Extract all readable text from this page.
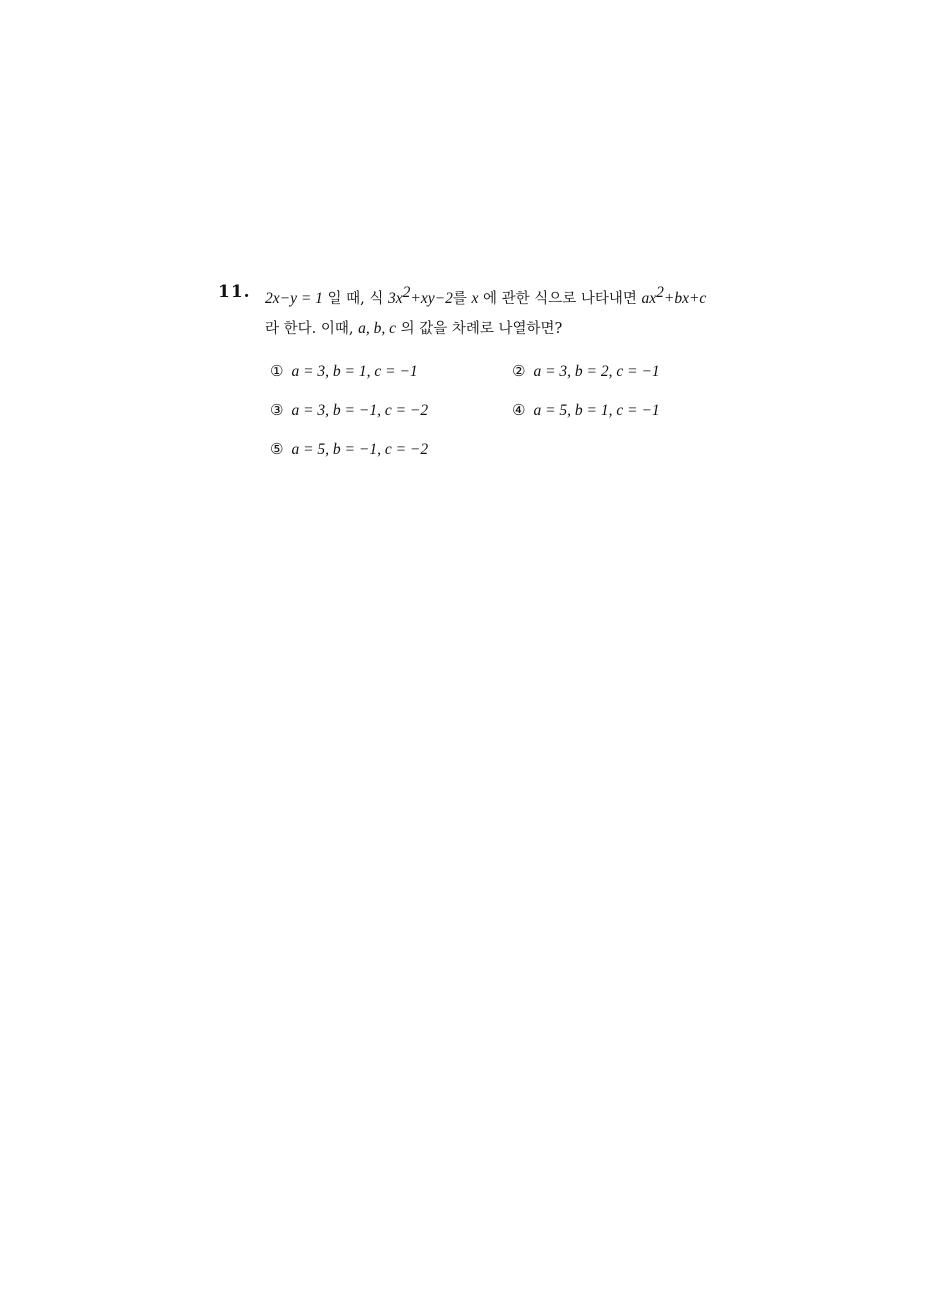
11. 2x−y = 1 일 때, 식 $3x^2+xy-2$를 x 에 관한 식으로 나타내면 $ax^2+bx+c$
라 한다. 이때, a, b, c 의 값을 차례로 나열하면?
① a = 3, b = 1, c = −1	② a = 3, b = 2, c = −1
③ a = 3, b = −1, c = −2	④ a = 5, b = 1, c = −1
⑤ a = 5, b = −1, c = −2
